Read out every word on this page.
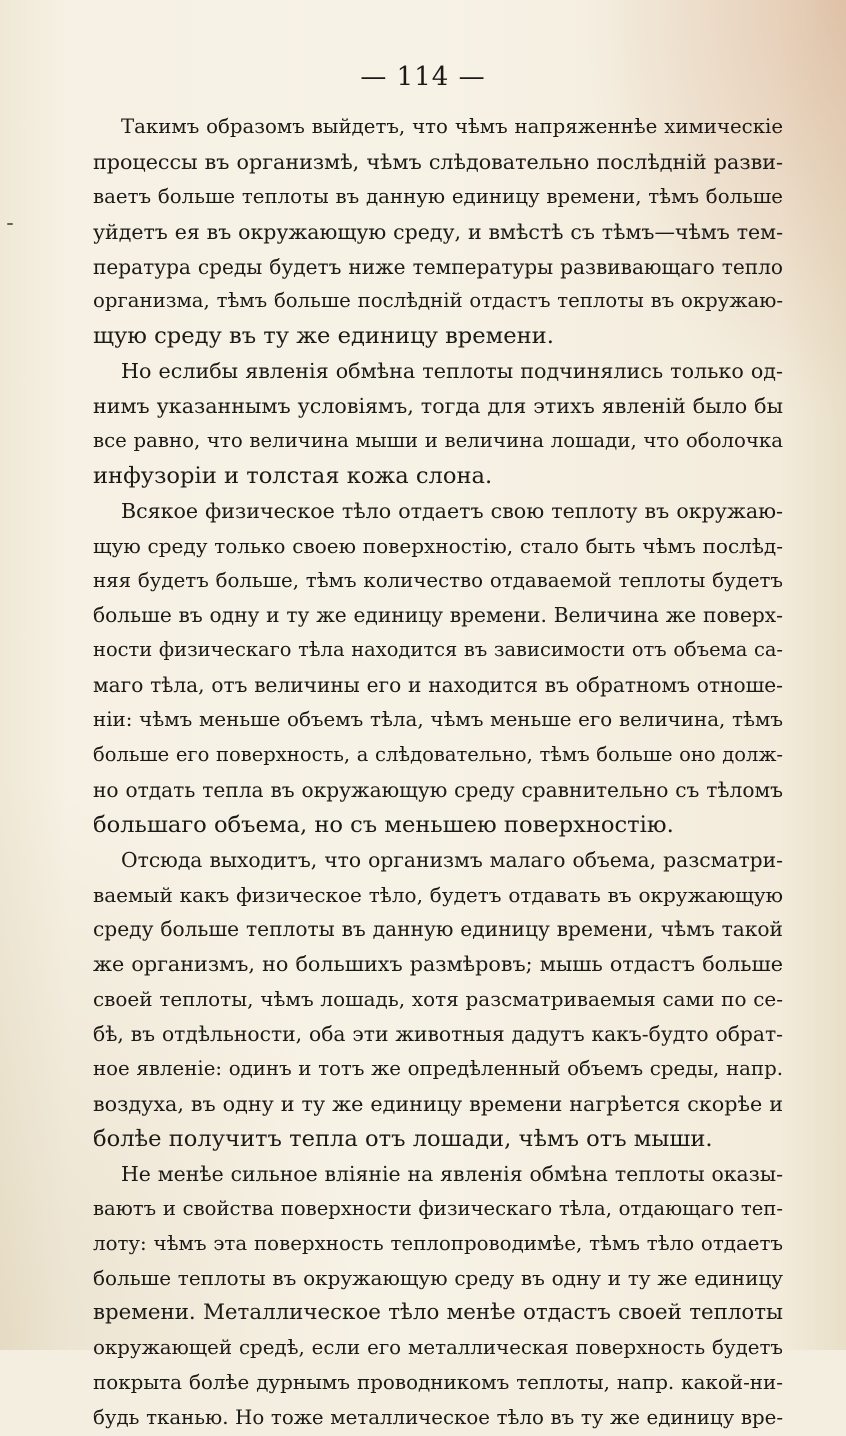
— 114 —
Такимъ образомъ выйдетъ, что чѣмъ напряженнѣе химическіе
процессы въ организмѣ, чѣмъ слѣдовательно послѣдній разви-
ваетъ больше теплоты въ данную единицу времени, тѣмъ больше
уйдетъ ея въ окружающую среду, и вмѣстѣ съ тѣмъ—чѣмъ тем-
пература среды будетъ ниже температуры развивающаго тепло
организма, тѣмъ больше послѣдній отдастъ теплоты въ окружаю-
щую среду въ ту же единицу времени.
Но еслибы явленія обмѣна теплоты подчинялись только од-
нимъ указаннымъ условіямъ, тогда для этихъ явленій было бы
все равно, что величина мыши и величина лошади, что оболочка
инфузоріи и толстая кожа слона.
Всякое физическое тѣло отдаетъ свою теплоту въ окружаю-
щую среду только своею поверхностію, стало быть чѣмъ послѣд-
няя будетъ больше, тѣмъ количество отдаваемой теплоты будетъ
больше въ одну и ту же единицу времени. Величина же поверх-
ности физическаго тѣла находится въ зависимости отъ объема са-
маго тѣла, отъ величины его и находится въ обратномъ отноше-
ніи: чѣмъ меньше объемъ тѣла, чѣмъ меньше его величина, тѣмъ
больше его поверхность, а слѣдовательно, тѣмъ больше оно долж-
но отдать тепла въ окружающую среду сравнительно съ тѣломъ
большаго объема, но съ меньшею поверхностію.
Отсюда выходитъ, что организмъ малаго объема, разсматри-
ваемый какъ физическое тѣло, будетъ отдавать въ окружающую
среду больше теплоты въ данную единицу времени, чѣмъ такой
же организмъ, но большихъ размѣровъ; мышь отдастъ больше
своей теплоты, чѣмъ лошадь, хотя разсматриваемыя сами по се-
бѣ, въ отдѣльности, оба эти животныя дадутъ какъ-будто обрат-
ное явленіе: одинъ и тотъ же опредѣленный объемъ среды, напр.
воздуха, въ одну и ту же единицу времени нагрѣется скорѣе и
болѣе получитъ тепла отъ лошади, чѣмъ отъ мыши.
Не менѣе сильное вліяніе на явленія обмѣна теплоты оказы-
ваютъ и свойства поверхности физическаго тѣла, отдающаго теп-
лоту: чѣмъ эта поверхность теплопроводимѣе, тѣмъ тѣло отдаетъ
больше теплоты въ окружающую среду въ одну и ту же единицу
времени. Металлическое тѣло менѣе отдастъ своей теплоты
окружающей средѣ, если его металлическая поверхность будетъ
покрыта болѣе дурнымъ проводникомъ теплоты, напр. какой-ни-
будь тканью. Но тоже металлическое тѣло въ ту же единицу вре-
